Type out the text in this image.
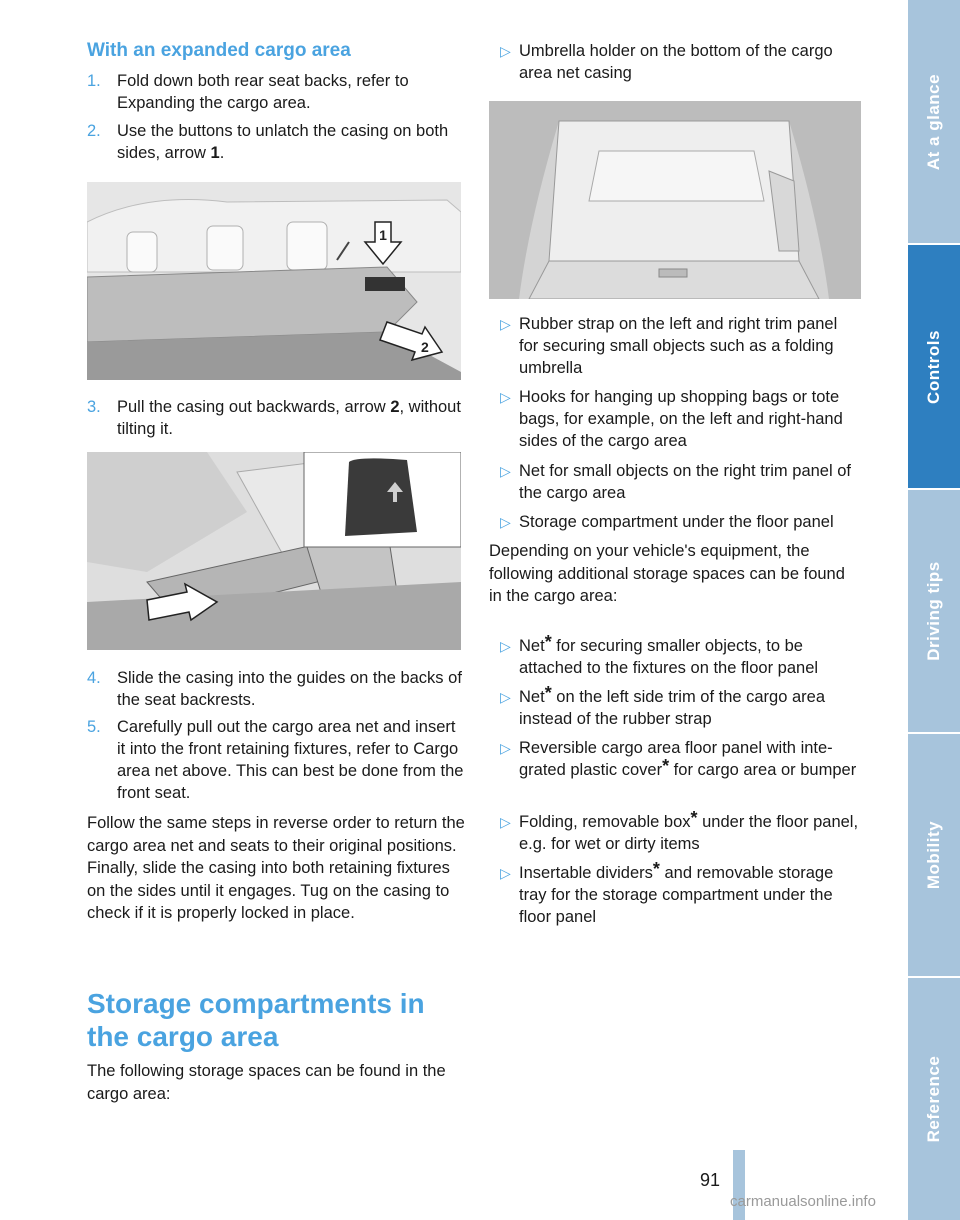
With an expanded cargo area
1. Fold down both rear seat backs, refer to Expanding the cargo area.
2. Use the buttons to unlatch the casing on both sides, arrow 1.
1
2
3. Pull the casing out backwards, arrow 2, without tilting it.
4. Slide the casing into the guides on the backs of the seat backrests.
5. Carefully pull out the cargo area net and insert it into the front retaining fixtures, refer to Cargo area net above. This can best be done from the front seat.
Follow the same steps in reverse order to return the cargo area net and seats to their original positions. Finally, slide the casing into both retaining fixtures on the sides until it engages. Tug on the casing to check if it is properly locked in place.
Storage compartments in the cargo area
The following storage spaces can be found in the cargo area:
▷ Umbrella holder on the bottom of the cargo area net casing
▷ Rubber strap on the left and right trim panel for securing small objects such as a folding umbrella
▷ Hooks for hanging up shopping bags or tote bags, for example, on the left and right-hand sides of the cargo area
▷ Net for small objects on the right trim panel of the cargo area
▷ Storage compartment under the floor panel
Depending on your vehicle's equipment, the following additional storage spaces can be found in the cargo area:
▷ Net* for securing smaller objects, to be attached to the fixtures on the floor panel
▷ Net* on the left side trim of the cargo area instead of the rubber strap
▷ Reversible cargo area floor panel with inte-grated plastic cover* for cargo area or bumper
▷ Folding, removable box* under the floor panel, e.g. for wet or dirty items
▷ Insertable dividers* and removable storage tray for the storage compartment under the floor panel
At a glance
Controls
Driving tips
Mobility
Reference
91
carmanualsonline.info
